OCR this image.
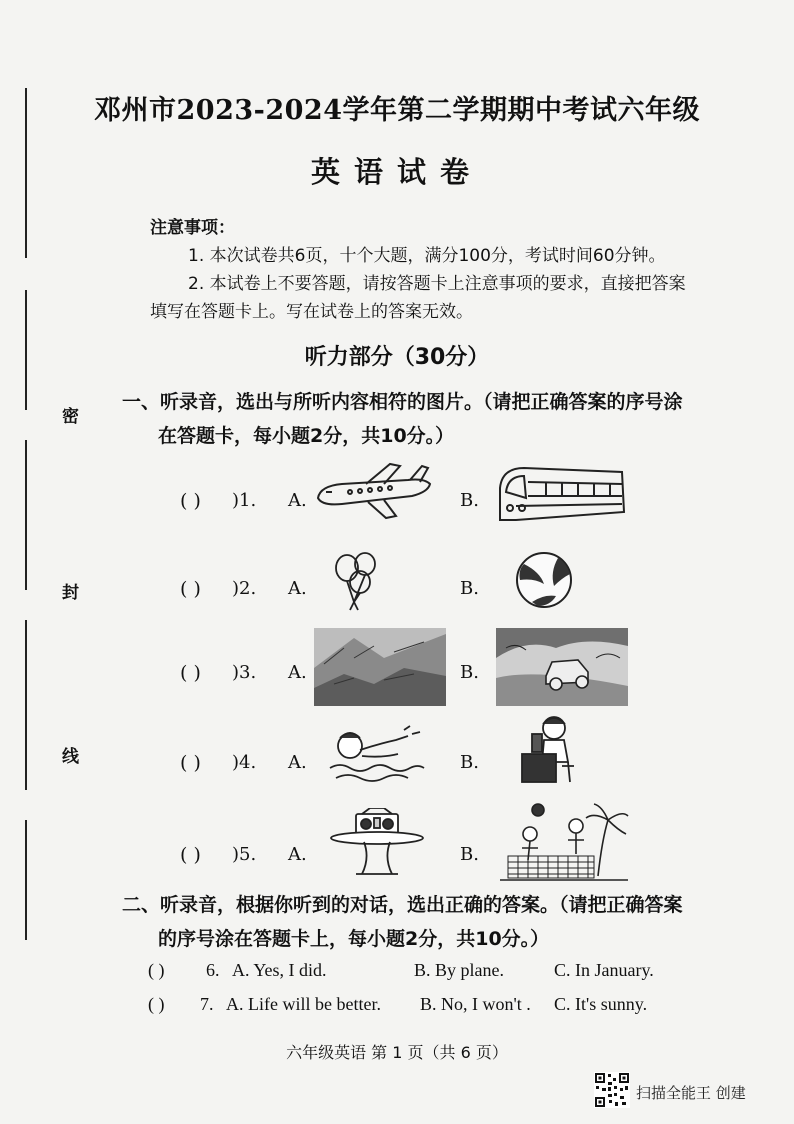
密
封
线
邓州市2023-2024学年第二学期期中考试六年级
英语试卷
注意事项：
1. 本次试卷共6页，十个大题，满分100分，考试时间60分钟。
2. 本试卷上不要答题，请按答题卡上注意事项的要求，直接把答案
填写在答题卡上。写在试卷上的答案无效。
听力部分（30分）
一、听录音，选出与所听内容相符的图片。（请把正确答案的序号涂
在答题卡，每小题2分，共10分。）
( ) )1. A.	B.
( ) )2. A.	B.
( ) )3. A.	B.
( ) )4. A.	B.
( ) )5. A.	B.
二、听录音，根据你听到的对话，选出正确的答案。（请把正确答案
的序号涂在答题卡上，每小题2分，共10分。）
( ) 6. A. Yes, I did.	B. By plane.	C. In January.
( ) 7. A. Life will be better. B. No, I won't . C. It's sunny.
六年级英语 第 1 页（共 6 页）
扫描全能王 创建
